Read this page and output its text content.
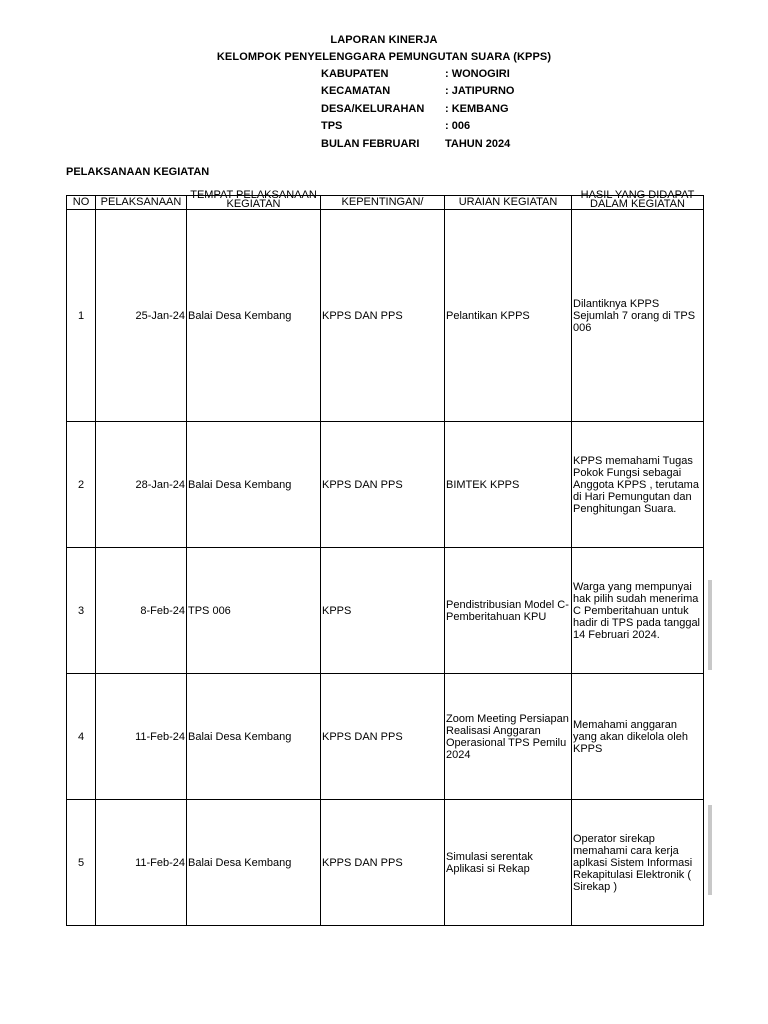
LAPORAN KINERJA
KELOMPOK PENYELENGGARA PEMUNGUTAN SUARA (KPPS)
KABUPATEN	: WONOGIRI
KECAMATAN	: JATIPURNO
DESA/KELURAHAN : KEMBANG
TPS	: 006
BULAN FEBRUARI TAHUN 2024
PELAKSANAAN KEGIATAN
NO	PELAKSANAAN	TEMPAT PELAKSANAAN KEGIATAN	KEPENTINGAN/	URAIAN KEGIATAN	HASIL YANG DIDAPAT DALAM KEGIATAN

1	25-Jan-24	Balai Desa Kembang	KPPS DAN PPS	Pelantikan KPPS	Dilantiknya KPPS Sejumlah 7 orang di TPS 006
2	28-Jan-24	Balai Desa Kembang	KPPS DAN PPS	BIMTEK KPPS	KPPS memahami Tugas Pokok Fungsi sebagai Anggota KPPS , terutama di Hari Pemungutan dan Penghitungan Suara.
3	8-Feb-24	TPS 006	KPPS	Pendistribusian Model C-Pemberitahuan KPU	Warga yang mempunyai hak pilih sudah menerima C Pemberitahuan untuk hadir di TPS pada tanggal 14 Februari 2024.
4	11-Feb-24	Balai Desa Kembang	KPPS DAN PPS	Zoom Meeting Persiapan Realisasi Anggaran Operasional TPS Pemilu 2024	Memahami anggaran yang akan dikelola oleh KPPS
5	11-Feb-24	Balai Desa Kembang	KPPS DAN PPS	Simulasi serentak Aplikasi si Rekap	Operator sirekap memahami cara kerja aplkasi Sistem Informasi Rekapitulasi Elektronik ( Sirekap )
